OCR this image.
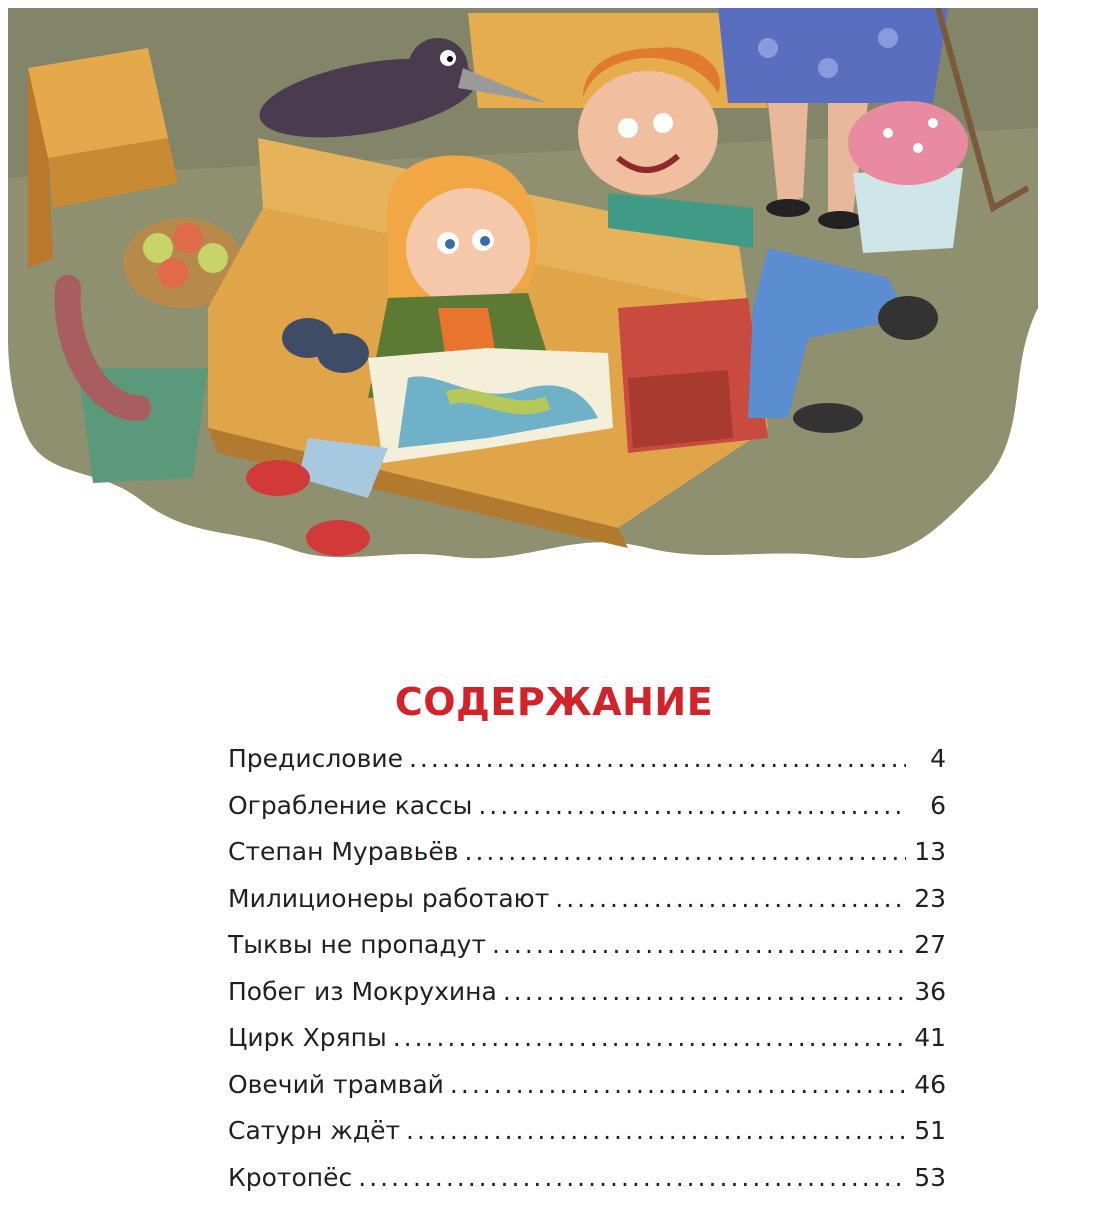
СОДЕРЖАНИЕ
Предисловие .....	4
Ограбление кассы .....	6
Степан Муравьёв .....	13
Милиционеры работают .....	23
Тыквы не пропадут .....	27
Побег из Мокрухина .....	36
Цирк Хряпы .....	41
Овечий трамвай .....	46
Сатурн ждёт .....	51
Кротопёс .....	53
